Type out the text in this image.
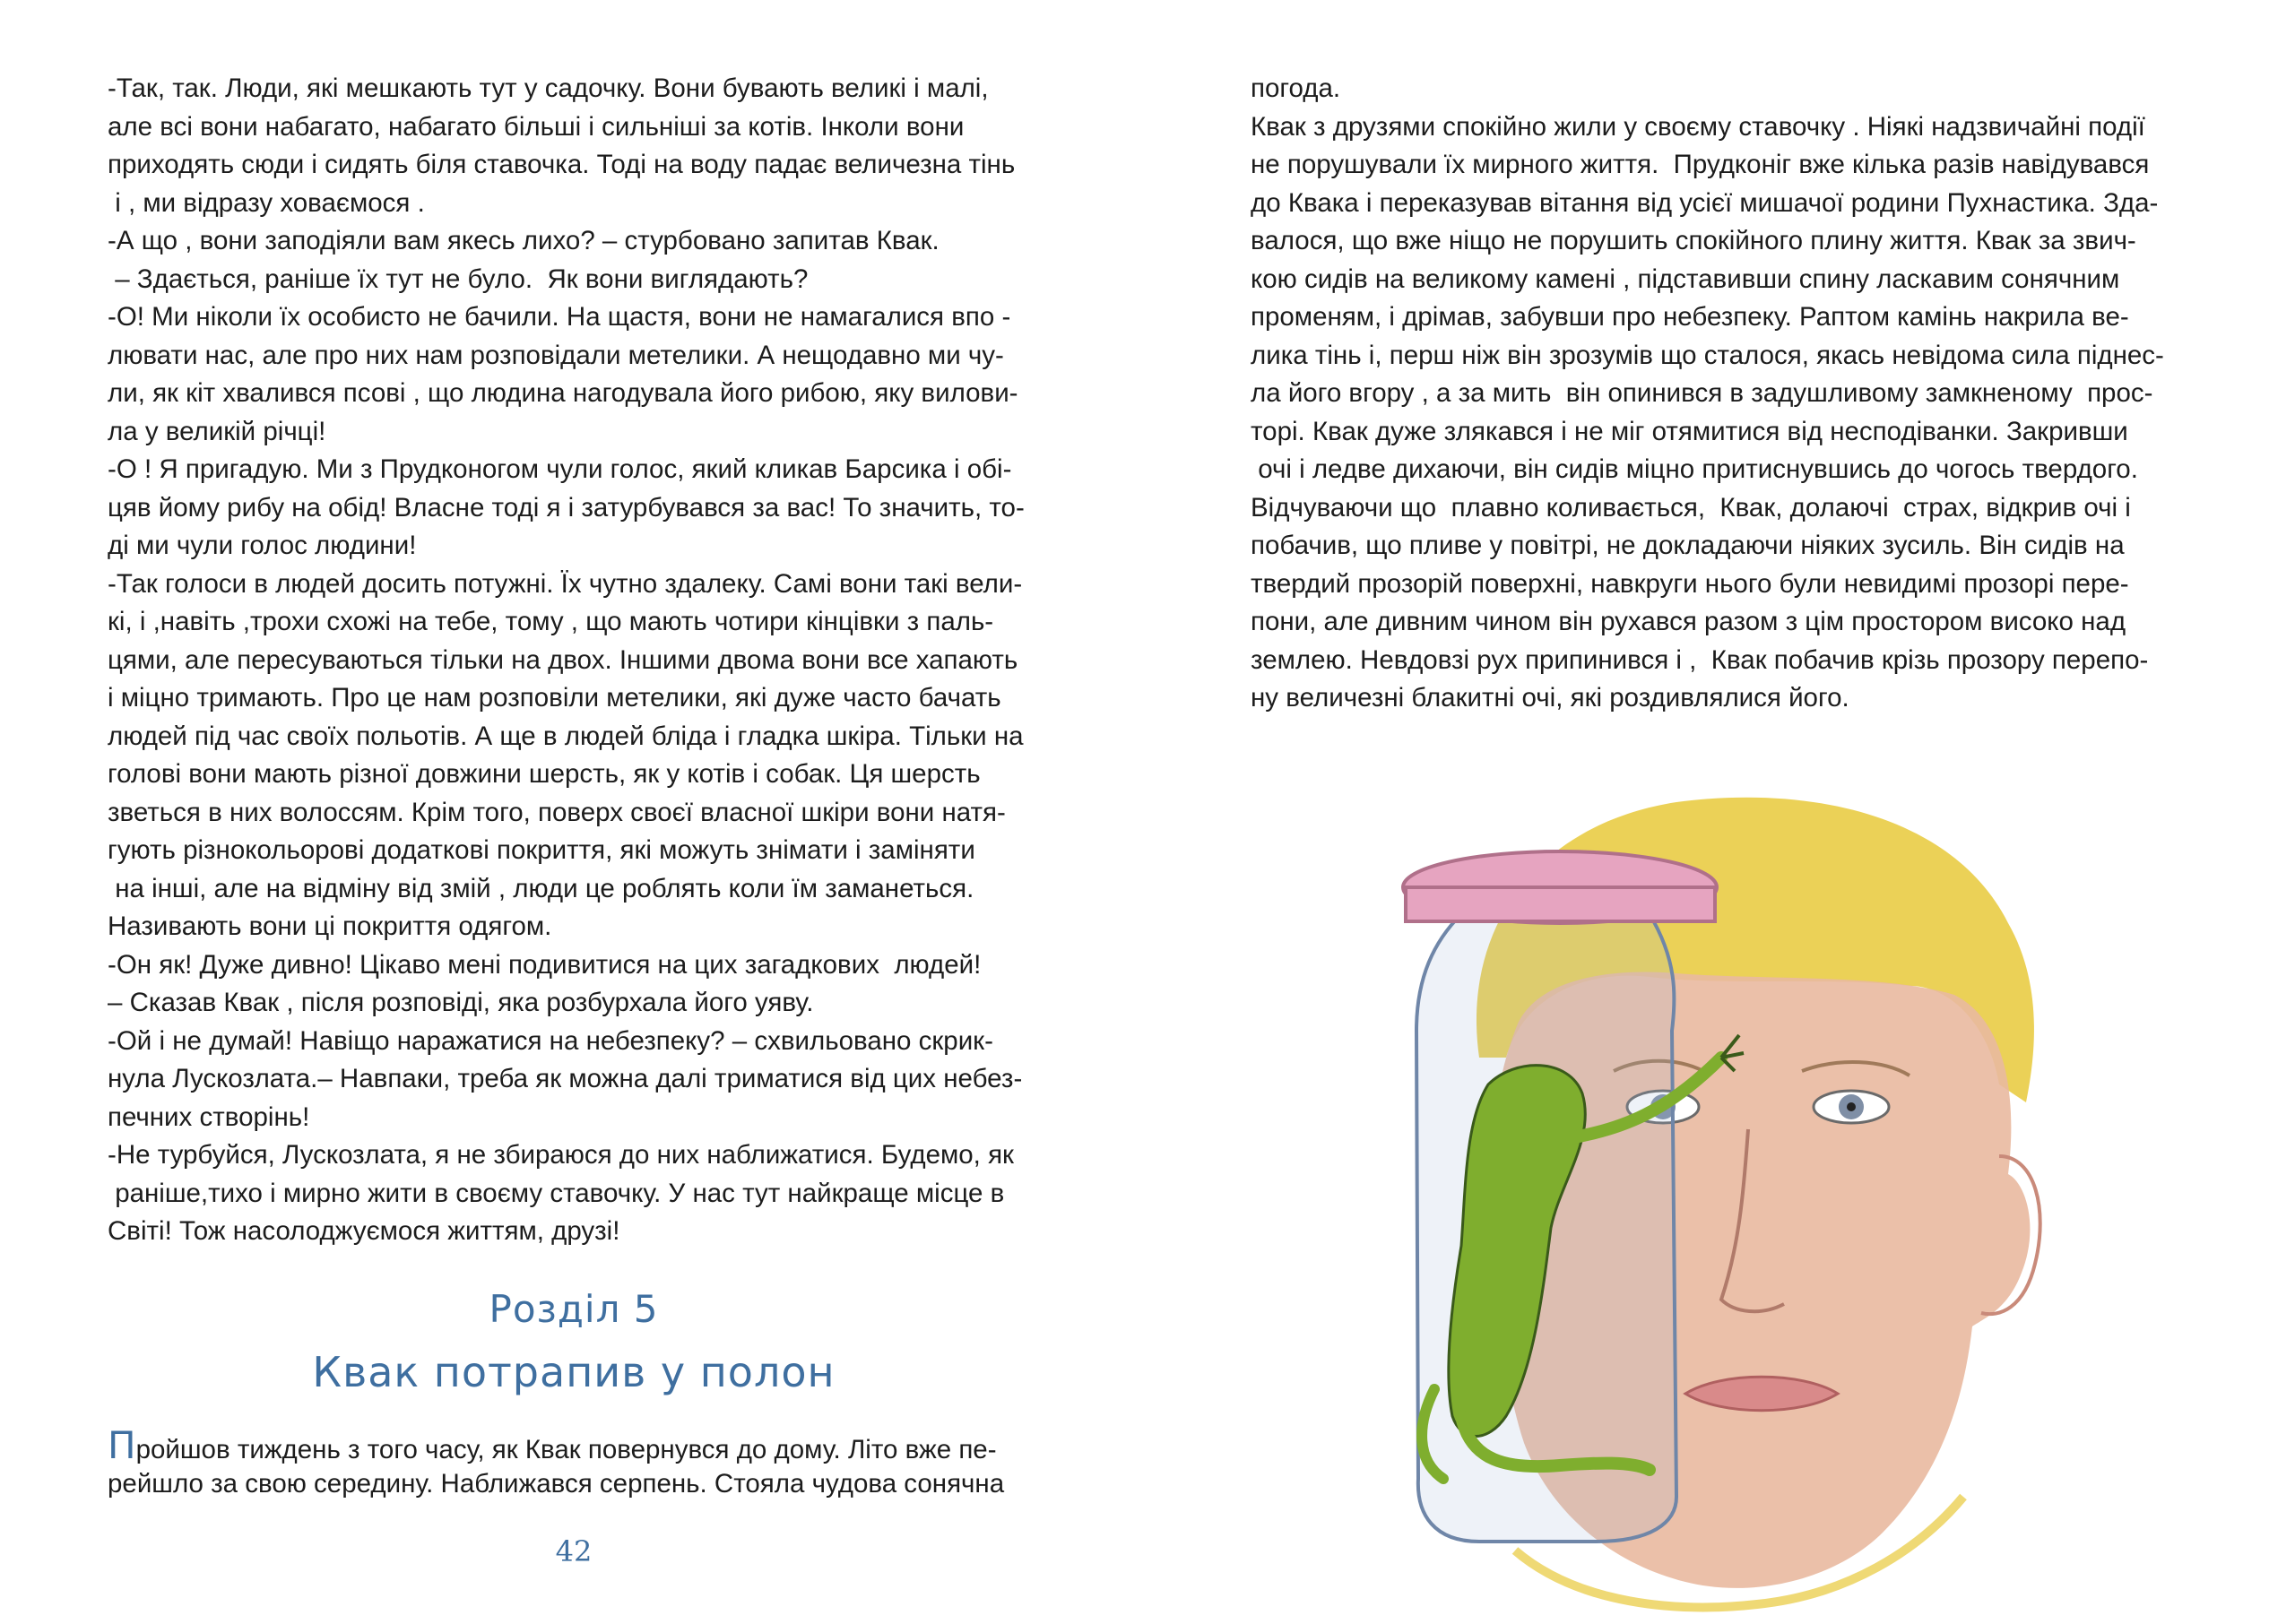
-Так, так. Люди, які мешкають тут у садочку. Вони бувають великі і малі,
але всі вони набагато, набагато більші і сильніші за котів. Інколи вони
приходять сюди і сидять біля ставочка. Тоді на воду падає величезна тінь
і , ми відразу ховаємося .
-А що , вони заподіяли вам якесь лихо? – стурбовано запитав Квак.
– Здається, раніше їх тут не було.  Як вони виглядають?
-О! Ми ніколи їх особисто не бачили. На щастя, вони не намагалися впо -
лювати нас, але про них нам розповідали метелики. А нещодавно ми чу-
ли, як кіт хвалився псові , що людина нагодувала його рибою, яку вилови-
ла у великій річці!
-О ! Я пригадую. Ми з Прудконогом чули голос, який кликав Барсика і обі-
цяв йому рибу на обід! Власне тоді я і затурбувався за вас! То значить, то-
ді ми чули голос людини!
-Так голоси в людей досить потужні. Їх чутно здалеку. Самі вони такі вели-
кі, і ,навіть ,трохи схожі на тебе, тому , що мають чотири кінцівки з паль-
цями, але пересуваються тільки на двох. Іншими двома вони все хапають
і міцно тримають. Про це нам розповіли метелики, які дуже часто бачать
людей під час своїх польотів. А ще в людей бліда і гладка шкіра. Тільки на
голові вони мають різної довжини шерсть, як у котів і собак. Ця шерсть
зветься в них волоссям. Крім того, поверх своєї власної шкіри вони натя-
гують різнокольорові додаткові покриття, які можуть знімати і заміняти
на інші, але на відміну від змій , люди це роблять коли їм заманеться.
Називають вони ці покриття одягом.
-Он як! Дуже дивно! Цікаво мені подивитися на цих загадкових  людей!
– Сказав Квак , після розповіді, яка розбурхала його уяву.
-Ой і не думай! Навіщо наражатися на небезпеку? – схвильовано скрик-
нула Лускозлата.– Навпаки, треба як можна далі триматися від цих небез-
печних створінь!
-Не турбуйся, Лускозлата, я не збираюся до них наближатися. Будемо, як
раніше,тихо і мирно жити в своєму ставочку. У нас тут найкраще місце в
Світі! Тож насолоджуємося життям, друзі!
Розділ 5
Квак потрапив у полон
Пройшов тиждень з того часу, як Квак повернувся до дому. Літо вже пе-
рейшло за свою середину. Наближався серпень. Стояла чудова сонячна
42
погода.
Квак з друзями спокійно жили у своєму ставочку . Ніякі надзвичайні події
не порушували їх мирного життя.  Прудконіг вже кілька разів навідувався
до Квака і переказував вітання від усієї мишачої родини Пухнастика. Зда-
валося, що вже ніщо не порушить спокійного плину життя. Квак за звич-
кою сидів на великому камені , підставивши спину ласкавим сонячним
променям, і дрімав, забувши про небезпеку. Раптом камінь накрила ве-
лика тінь і, перш ніж він зрозумів що сталося, якась невідома сила піднес-
ла його вгору , а за мить  він опинився в задушливому замкненому  прос-
торі. Квак дуже злякався і не міг отямитися від несподіванки. Закривши
очі і ледве дихаючи, він сидів міцно притиснувшись до чогось твердого.
Відчуваючи що  плавно коливається,  Квак, долаючі  страх, відкрив очі і
побачив, що пливе у повітрі, не докладаючи ніяких зусиль. Він сидів на
твердий прозорій поверхні, навкруги нього були невидимі прозорі пере-
пони, але дивним чином він рухався разом з цім простором високо над
землею. Невдовзі рух припинився і ,  Квак побачив крізь прозору перепо-
ну величезні блакитні очі, які роздивлялися його.
